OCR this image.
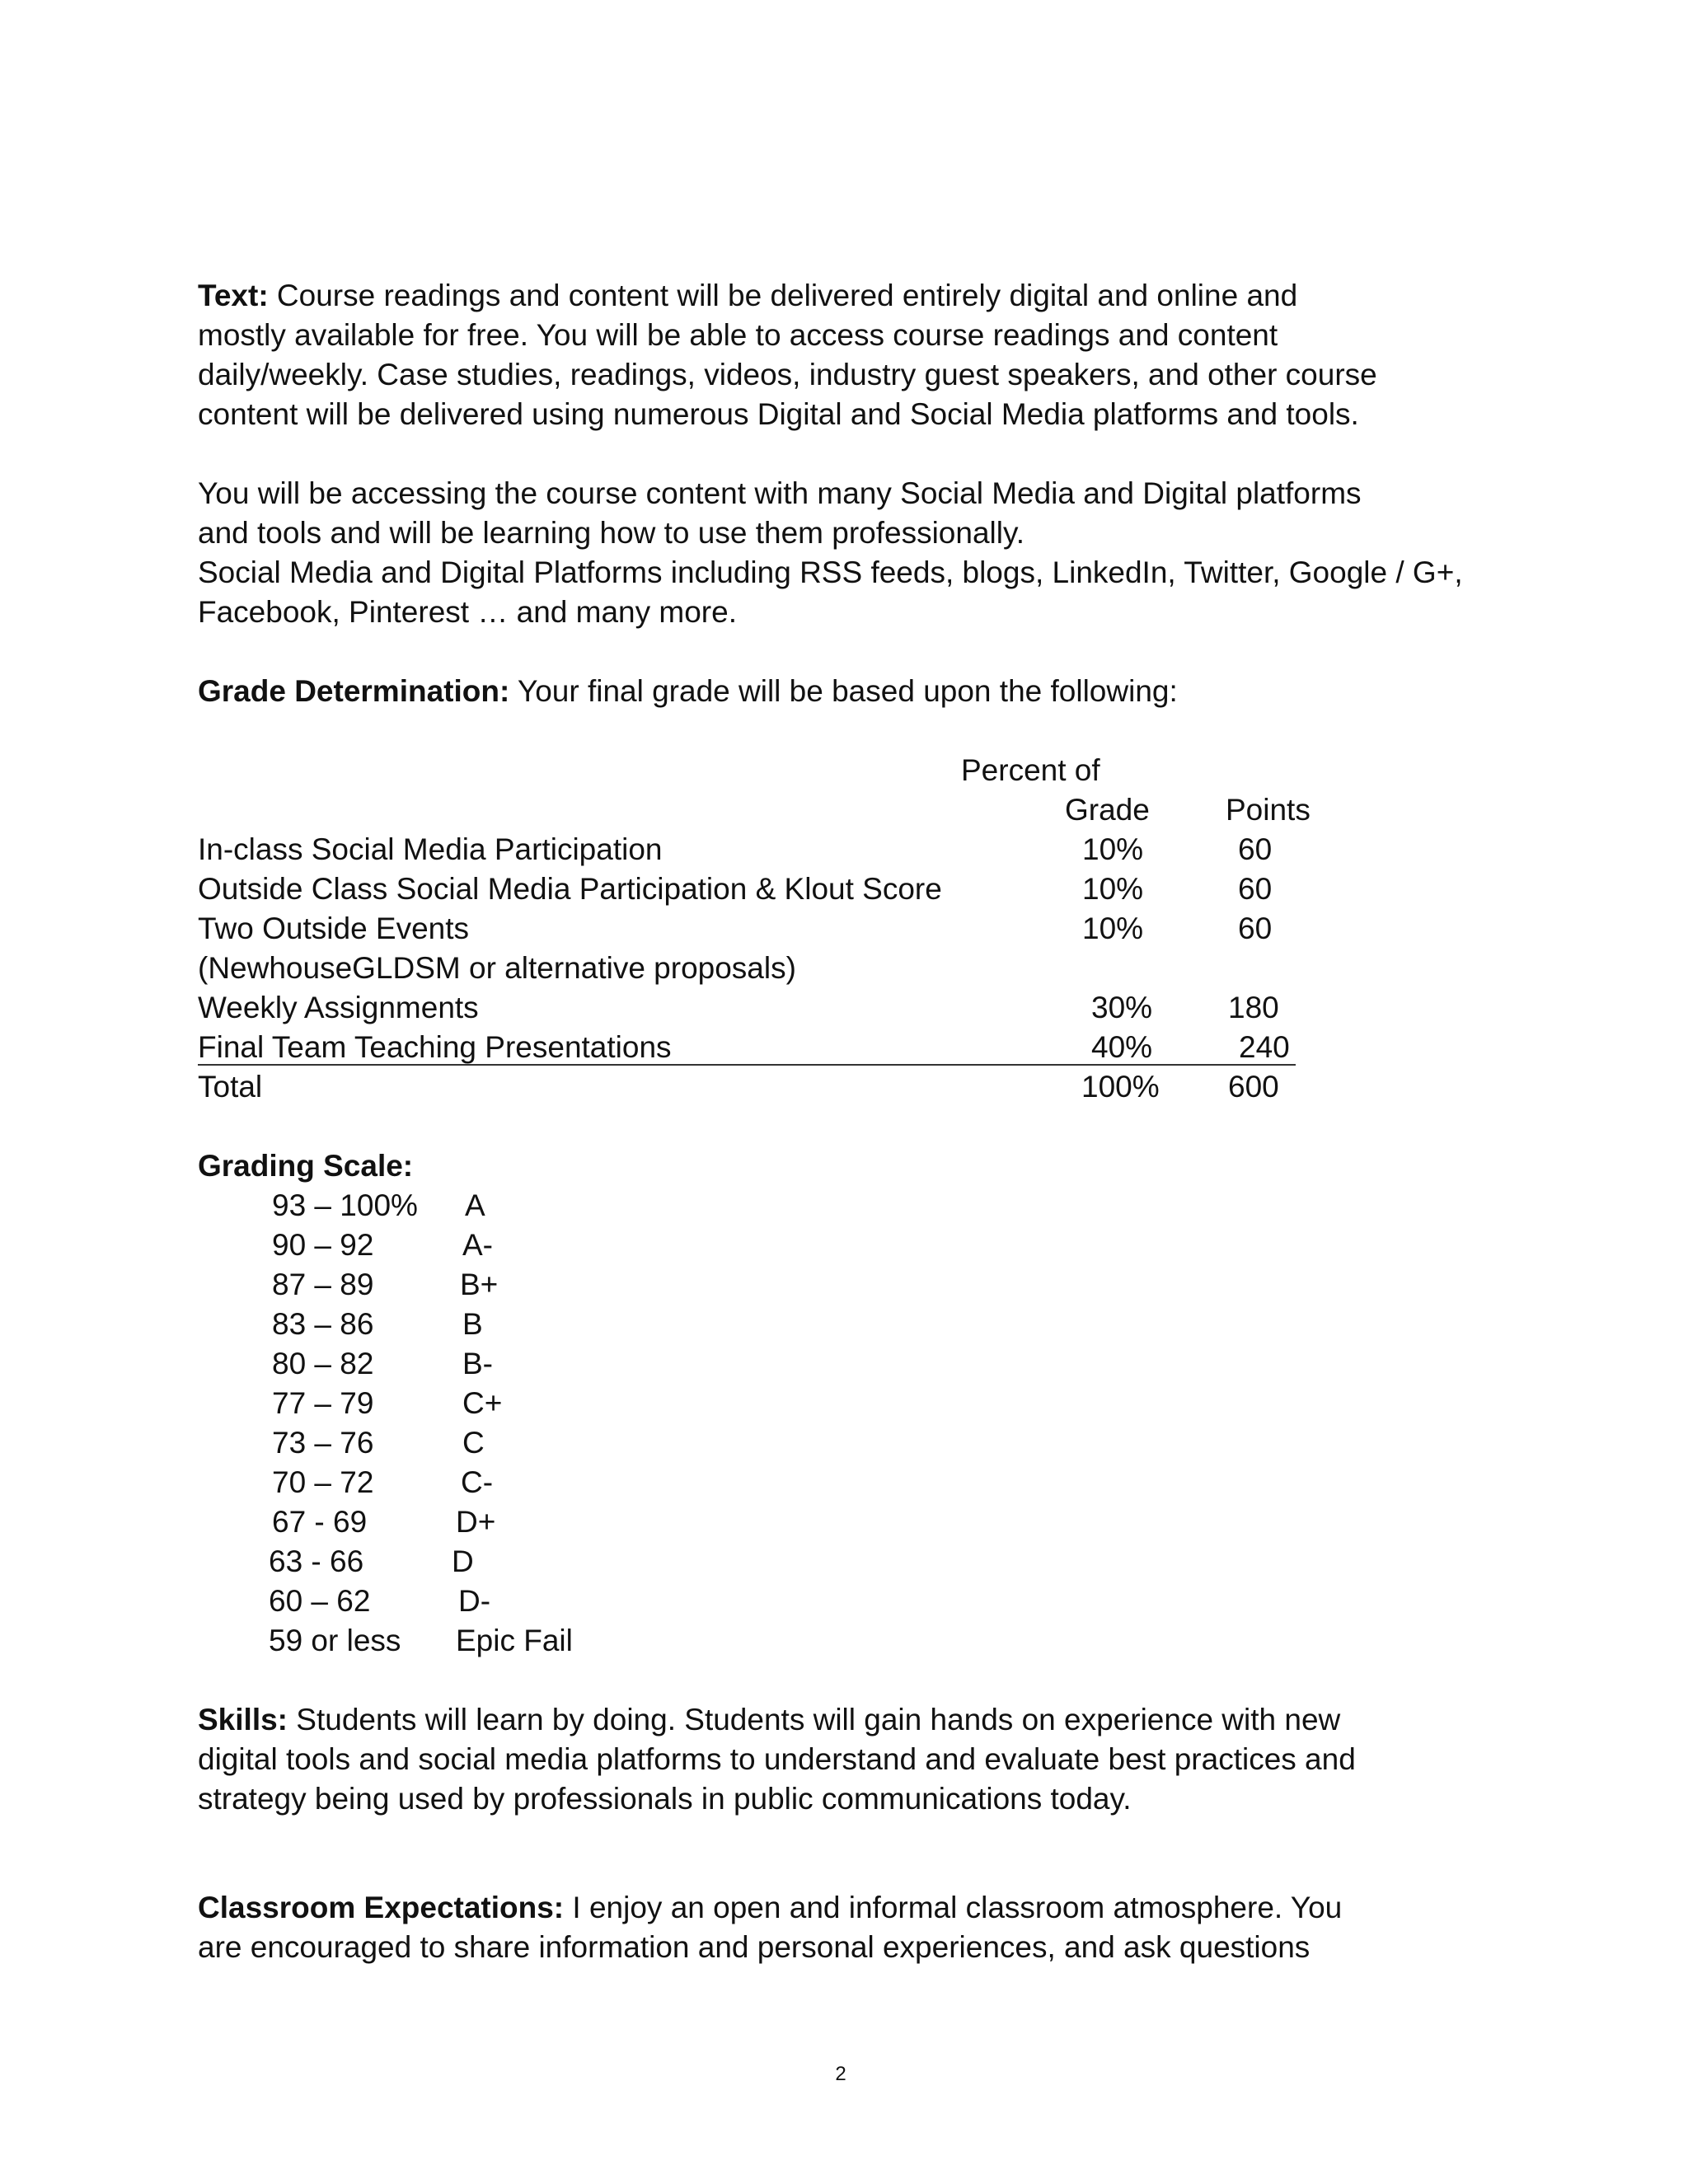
Text: Course readings and content will be delivered entirely digital and online and
mostly available for free. You will be able to access course readings and content
daily/weekly. Case studies, readings, videos, industry guest speakers, and other course
content will be delivered using numerous Digital and Social Media platforms and tools.
You will be accessing the course content with many Social Media and Digital platforms
and tools and will be learning how to use them professionally.
Social Media and Digital Platforms including RSS feeds, blogs, LinkedIn, Twitter, Google / G+,
Facebook, Pinterest … and many more.
Grade Determination: Your final grade will be based upon the following:
Percent of
Grade Points
In-class Social Media Participation	10%	60
Outside Class Social Media Participation & Klout Score	10%	60
Two Outside Events	10%	60
(NewhouseGLDSM or alternative proposals)
Weekly Assignments	30% 180
Final Team Teaching Presentations	40%	240
Total	100% 600
Grading Scale:
93 – 100% A
90 – 92	A-
87 – 89	B+
83 – 86	B
80 – 82	B-
77 – 79	C+
73 – 76	C
70 – 72	C-
67 - 69	D+
63 - 66	D
60 – 62	D-
59 or less Epic Fail
Skills: Students will learn by doing. Students will gain hands on experience with new
digital tools and social media platforms to understand and evaluate best practices and
strategy being used by professionals in public communications today.
Classroom Expectations: I enjoy an open and informal classroom atmosphere. You
are encouraged to share information and personal experiences, and ask questions
2
